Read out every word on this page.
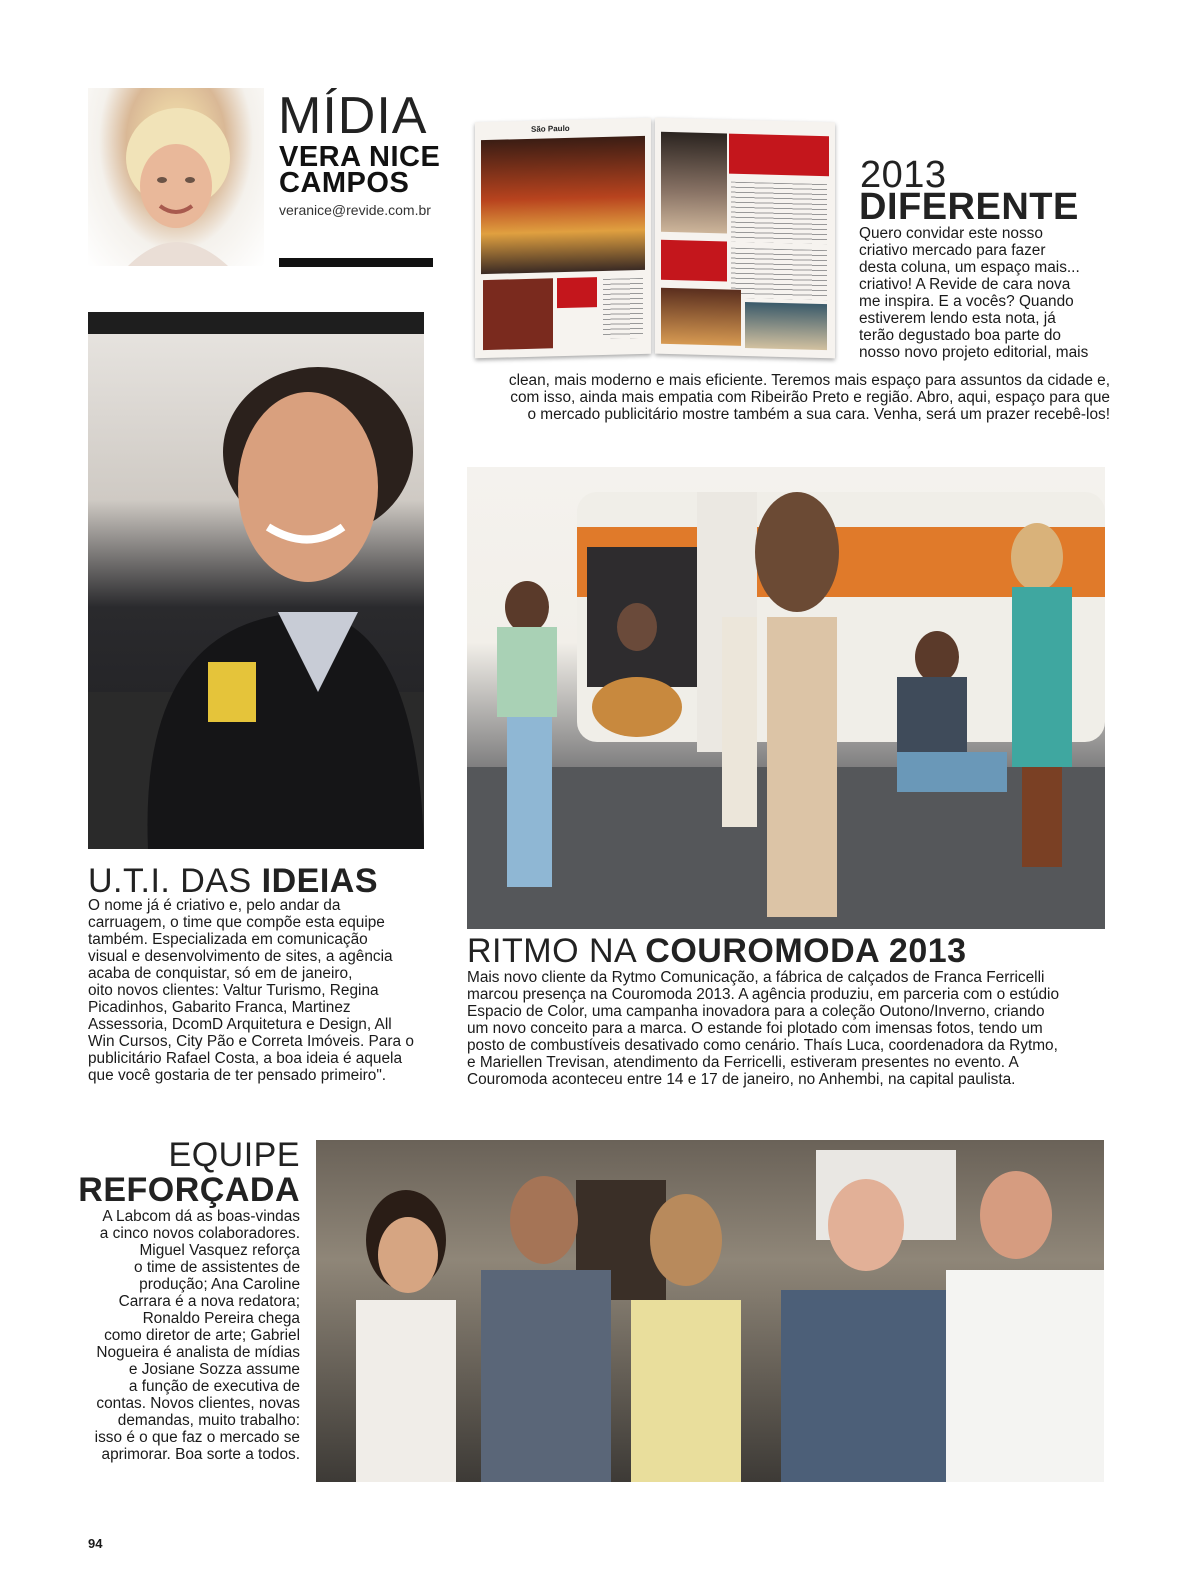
MÍDIA
VERA NICE
CAMPOS
veranice@revide.com.br
São Paulo
2013
DIFERENTE
Quero convidar este nosso
criativo mercado para fazer
desta coluna, um espaço mais...
criativo! A Revide de cara nova
me inspira. E a vocês? Quando
estiverem lendo esta nota, já
terão degustado boa parte do
nosso novo projeto editorial, mais
clean, mais moderno e mais eficiente. Teremos mais espaço para assuntos da cidade e,
com isso, ainda mais empatia com Ribeirão Preto e região. Abro, aqui, espaço para que
o mercado publicitário mostre também a sua cara. Venha, será um prazer recebê-los!
U.T.I. DAS IDEIAS
O nome já é criativo e, pelo andar da
carruagem, o time que compõe esta equipe
também. Especializada em comunicação
visual e desenvolvimento de sites, a agência
acaba de conquistar, só em de janeiro,
oito novos clientes: Valtur Turismo, Regina
Picadinhos, Gabarito Franca, Martinez
Assessoria, DcomD Arquitetura e Design, All
Win Cursos, City Pão e Correta Imóveis. Para o
publicitário Rafael Costa, a boa ideia é aquela
que você gostaria de ter pensado primeiro".
RITMO NA COUROMODA 2013
Mais novo cliente da Rytmo Comunicação, a fábrica de calçados de Franca Ferricelli
marcou presença na Couromoda 2013. A agência produziu, em parceria com o estúdio
Espacio de Color, uma campanha inovadora para a coleção Outono/Inverno, criando
um novo conceito para a marca. O estande foi plotado com imensas fotos, tendo um
posto de combustíveis desativado como cenário. Thaís Luca, coordenadora da Rytmo,
e Mariellen Trevisan, atendimento da Ferricelli, estiveram presentes no evento. A
Couromoda aconteceu entre 14 e 17 de janeiro, no Anhembi, na capital paulista.
EQUIPE
REFORÇADA
A Labcom dá as boas-vindas
a cinco novos colaboradores.
Miguel Vasquez reforça
o time de assistentes de
produção; Ana Caroline
Carrara é a nova redatora;
Ronaldo Pereira chega
como diretor de arte; Gabriel
Nogueira é analista de mídias
e Josiane Sozza assume
a função de executiva de
contas. Novos clientes, novas
demandas, muito trabalho:
isso é o que faz o mercado se
aprimorar. Boa sorte a todos.
94
